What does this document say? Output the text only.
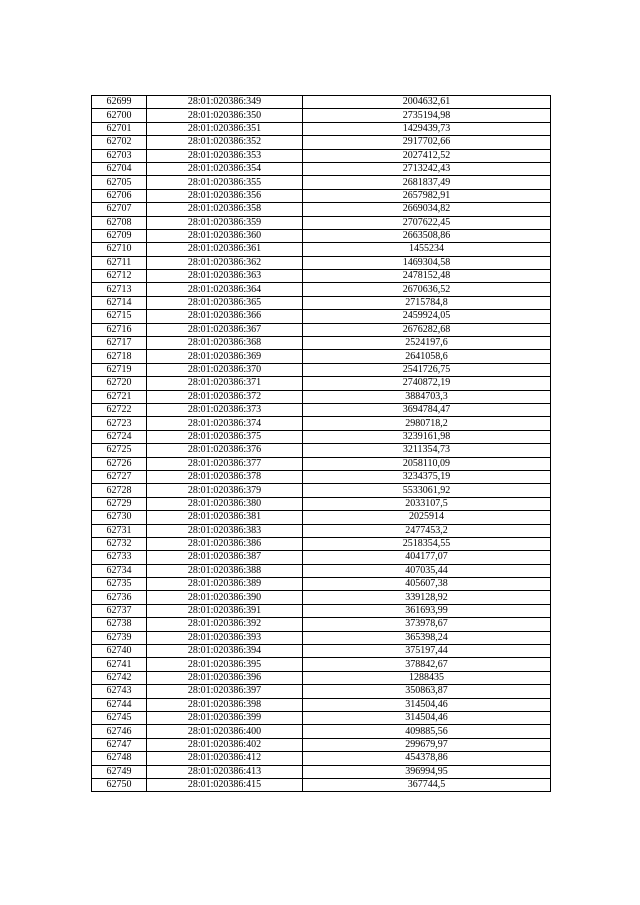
62699	28:01:020386:349	2004632,61
62700	28:01:020386:350	2735194,98
62701	28:01:020386:351	1429439,73
62702	28:01:020386:352	2917702,66
62703	28:01:020386:353	2027412,52
62704	28:01:020386:354	2713242,43
62705	28:01:020386:355	2681837,49
62706	28:01:020386:356	2657982,91
62707	28:01:020386:358	2669034,82
62708	28:01:020386:359	2707622,45
62709	28:01:020386:360	2663508,86
62710	28:01:020386:361	1455234
62711	28:01:020386:362	1469304,58
62712	28:01:020386:363	2478152,48
62713	28:01:020386:364	2670636,52
62714	28:01:020386:365	2715784,8
62715	28:01:020386:366	2459924,05
62716	28:01:020386:367	2676282,68
62717	28:01:020386:368	2524197,6
62718	28:01:020386:369	2641058,6
62719	28:01:020386:370	2541726,75
62720	28:01:020386:371	2740872,19
62721	28:01:020386:372	3884703,3
62722	28:01:020386:373	3694784,47
62723	28:01:020386:374	2980718,2
62724	28:01:020386:375	3239161,98
62725	28:01:020386:376	3211354,73
62726	28:01:020386:377	2058110,09
62727	28:01:020386:378	3234375,19
62728	28:01:020386:379	5533061,92
62729	28:01:020386:380	2033107,5
62730	28:01:020386:381	2025914
62731	28:01:020386:383	2477453,2
62732	28:01:020386:386	2518354,55
62733	28:01:020386:387	404177,07
62734	28:01:020386:388	407035,44
62735	28:01:020386:389	405607,38
62736	28:01:020386:390	339128,92
62737	28:01:020386:391	361693,99
62738	28:01:020386:392	373978,67
62739	28:01:020386:393	365398,24
62740	28:01:020386:394	375197,44
62741	28:01:020386:395	378842,67
62742	28:01:020386:396	1288435
62743	28:01:020386:397	350863,87
62744	28:01:020386:398	314504,46
62745	28:01:020386:399	314504,46
62746	28:01:020386:400	409885,56
62747	28:01:020386:402	299679,97
62748	28:01:020386:412	454378,86
62749	28:01:020386:413	396994,95
62750	28:01:020386:415	367744,5
